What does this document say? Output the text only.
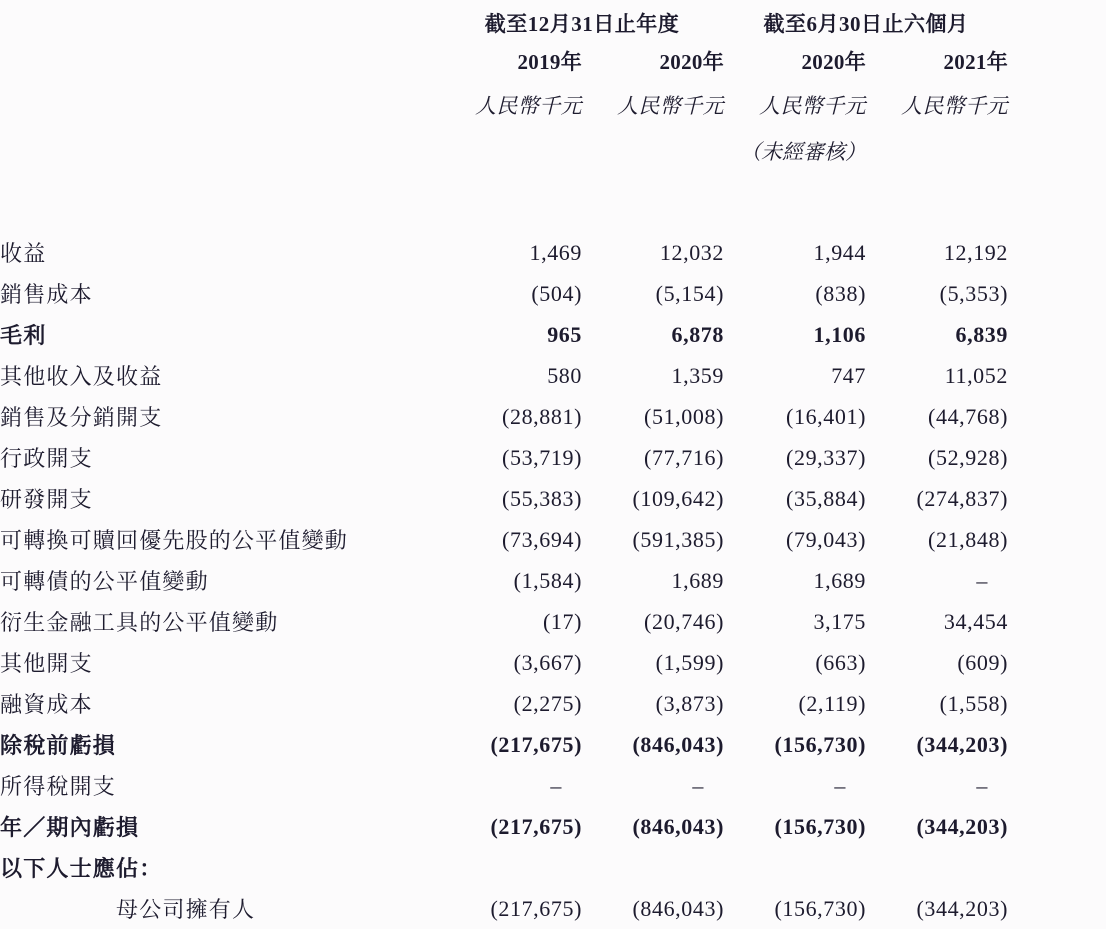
	截至12月31日止年度		截至6月30日止六個月		
	2019年	2020年	2020年	2021年	
	人民幣千元	人民幣千元	人民幣千元	人民幣千元	
			（未經審核）		

收益	1,469	12,032	1,944	12,192	
銷售成本	(504)	(5,154)	(838)	(5,353)	
毛利	965	6,878	1,106	6,839	
其他收入及收益	580	1,359	747	11,052	
銷售及分銷開支	(28,881)	(51,008)	(16,401)	(44,768)	
行政開支	(53,719)	(77,716)	(29,337)	(52,928)	
研發開支	(55,383)	(109,642)	(35,884)	(274,837)	
可轉換可贖回優先股的公平值變動	(73,694)	(591,385)	(79,043)	(21,848)	
可轉債的公平值變動	(1,584)	1,689	1,689	–	
衍生金融工具的公平值變動	(17)	(20,746)	3,175	34,454	
其他開支	(3,667)	(1,599)	(663)	(609)	
融資成本	(2,275)	(3,873)	(2,119)	(1,558)	
除稅前虧損	(217,675)	(846,043)	(156,730)	(344,203)	
所得稅開支	–	–	–	–	
年／期內虧損	(217,675)	(846,043)	(156,730)	(344,203)	
以下人士應佔：					
母公司擁有人	(217,675)	(846,043)	(156,730)	(344,203)	
